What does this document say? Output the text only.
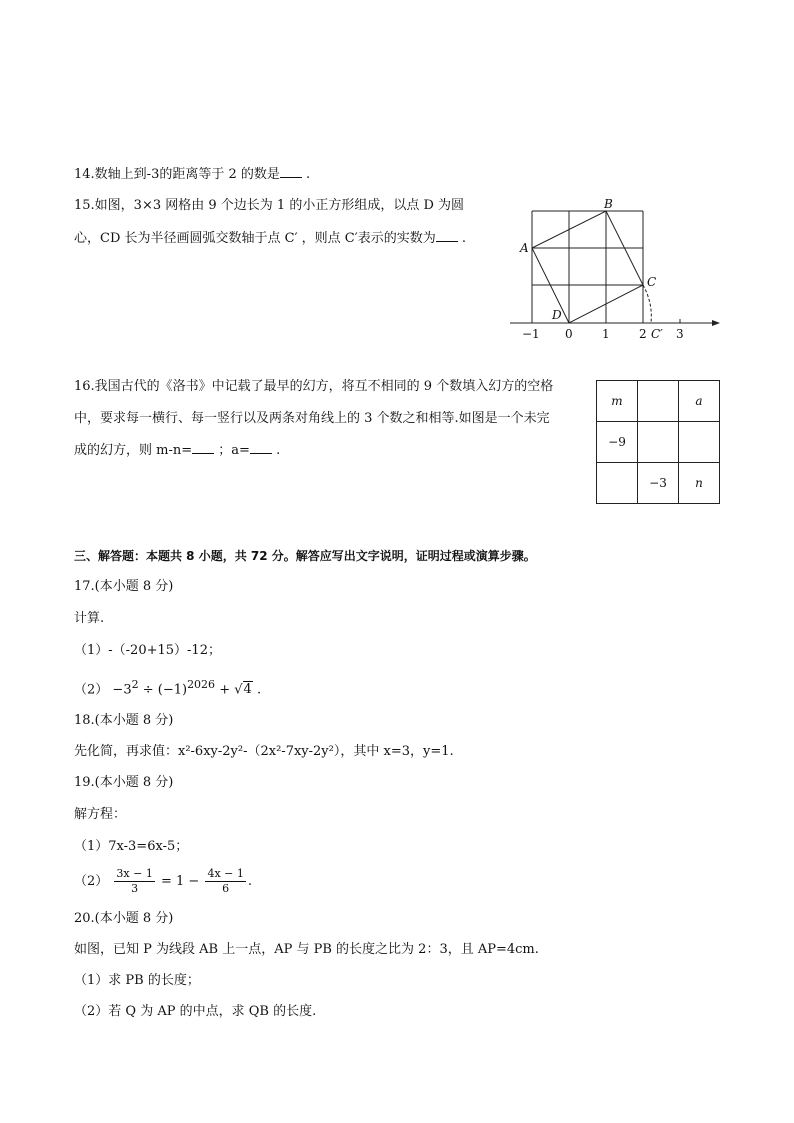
14.数轴上到-3的距离等于 2 的数是 .
15.如图，3×3 网格由 9 个边长为 1 的小正方形组成，以点 D 为圆
心，CD 长为半径画圆弧交数轴于点 C′ ，则点 C′表示的实数为 .
A
B
C
D
−1 0 1 2 C′ 3
16.我国古代的《洛书》中记载了最早的幻方，将互不相同的 9 个数填入幻方的空格
中，要求每一横行、每一竖行以及两条对角线上的 3 个数之和相等.如图是一个未完
成的幻方，则 m-n= ；a= .
m		a
−9		
	−3	n
三、解答题：本题共 8 小题，共 72 分。解答应写出文字说明，证明过程或演算步骤。
17.(本小题 8 分)
计算.
（1）-（-20+15）-12；
$(2) -3^2 \div (-1)^{2026} + √4$ .
18.(本小题 8 分)
先化简，再求值：x²-6xy-2y²-（2x²-7xy-2y²），其中 x=3，y=1.
19.(本小题 8 分)
解方程：
（1）7x-3=6x-5；
$(2) \frac{3x - 1}{3} = 1 - \frac{4x - 1}{6}$ .
20.(本小题 8 分)
如图，已知 P 为线段 AB 上一点，AP 与 PB 的长度之比为 2：3，且 AP=4cm.
（1）求 PB 的长度；
（2）若 Q 为 AP 的中点，求 QB 的长度.
